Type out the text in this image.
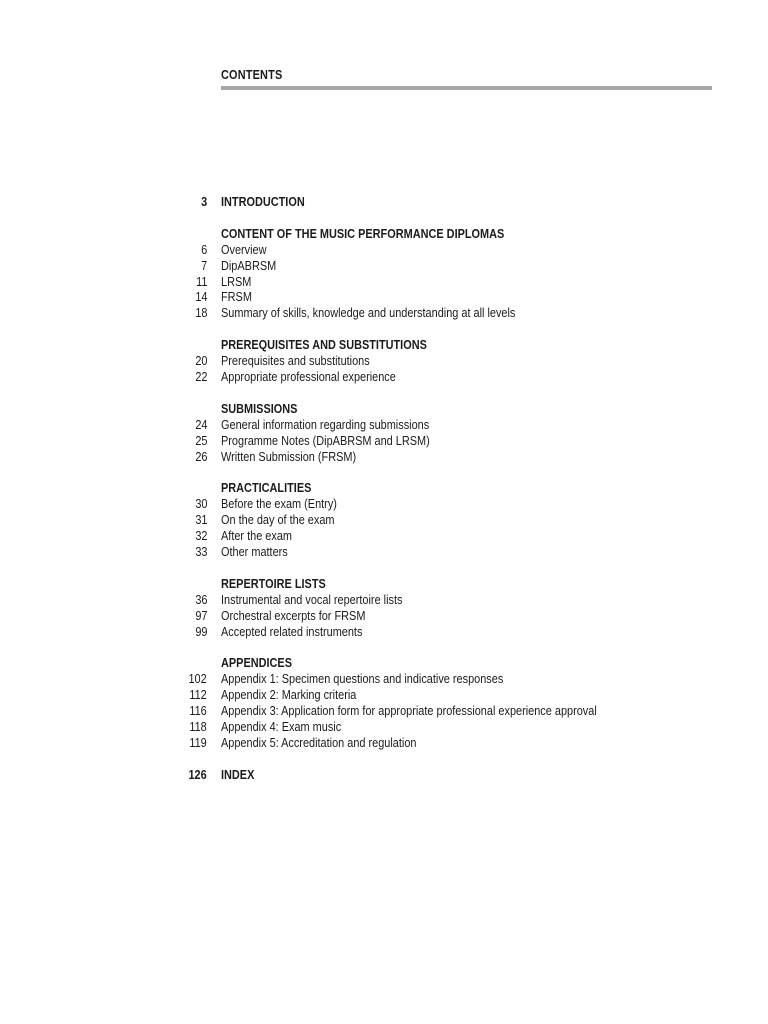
CONTENTS
3 INTRODUCTION
CONTENT OF THE MUSIC PERFORMANCE DIPLOMAS
6 Overview
7 DipABRSM
11 LRSM
14 FRSM
18 Summary of skills, knowledge and understanding at all levels
PREREQUISITES AND SUBSTITUTIONS
20 Prerequisites and substitutions
22 Appropriate professional experience
SUBMISSIONS
24 General information regarding submissions
25 Programme Notes (DipABRSM and LRSM)
26 Written Submission (FRSM)
PRACTICALITIES
30 Before the exam (Entry)
31 On the day of the exam
32 After the exam
33 Other matters
REPERTOIRE LISTS
36 Instrumental and vocal repertoire lists
97 Orchestral excerpts for FRSM
99 Accepted related instruments
APPENDICES
102 Appendix 1: Specimen questions and indicative responses
112 Appendix 2: Marking criteria
116 Appendix 3: Application form for appropriate professional experience approval
118 Appendix 4: Exam music
119 Appendix 5: Accreditation and regulation
126 INDEX
